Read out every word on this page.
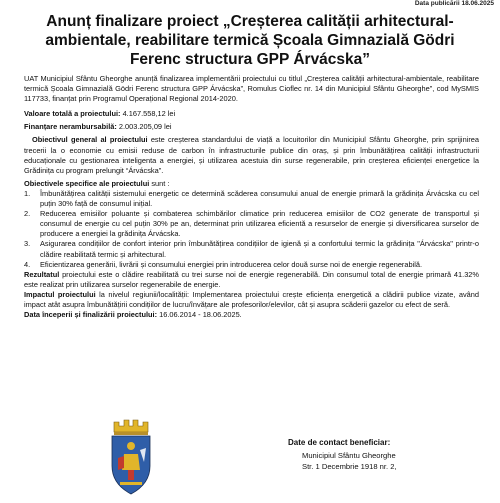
Data publicării 18.06.2025
Anunț finalizare proiect „Creșterea calității arhitectural-ambientale, reabilitare termică Școala Gimnazială Gödri Ferenc structura GPP Árvácska”

UAT Municipiul Sfântu Gheorghe anunță finalizarea implementării proiectului cu titlul „Creșterea calității arhitectural-ambientale, reabilitare termică Școala Gimnazială Gödri Ferenc structura GPP Árvácska”, Romulus Cioflec nr. 14 din Municipiul Sfântu Gheorghe”, cod MySMIS 117733, finanțat prin Programul Operațional Regional 2014-2020.

Valoare totală a proiectului: 4.167.558,12 lei

Finanțare nerambursabilă: 2.003.205,09 lei

Obiectivul general al proiectului este creșterea standardului de viață a locuitorilor din Municipiul Sfântu Gheorghe, prin sprijinirea trecerii la o economie cu emisii reduse de carbon în infrastructurile publice din oraș, și prin îmbunătățirea calității infrastructurii educaționale cu gestionarea inteligenta a energiei, și utilizarea acestuia din surse regenerabile, prin creșterea eficienței energetice la Grădinița cu program prelungit “Árvácska”.

Obiectivele specifice ale proiectului sunt :

1.	Îmbunătățirea calității sistemului energetic ce determină scăderea consumului anual de energie primară la grădinița Árvácska cu cel puțin 30% față de consumul inițial.
2.	Reducerea emisiilor poluante și combaterea schimbărilor climatice prin reducerea emisiilor de CO2 generate de transportul și consumul de energie cu cel puțin 30% pe an, determinat prin utilizarea eficientă a resurselor de energie și diversificarea surselor de producere a energiei la grădinița Árvácska.
3.	Asigurarea condițiilor de confort interior prin îmbunătățirea condițiilor de igienă și a confortului termic la grădinița "Árvácska" printr-o clădire reabilitată termic și arhitectural.
4.	Eficientizarea generării, livrării și consumului energiei prin introducerea celor două surse noi de energie regenerabilă.

Rezultatul proiectului este o clădire reabilitată cu trei surse noi de energie regenerabilă. Din consumul total de energie primară 41.32% este realizat prin utilizarea surselor regenerabile de energie.

Impactul proiectului la nivelul regiunii/localității: Implementarea proiectului crește eficiența energetică a clădirii publice vizate, având impact atât asupra îmbunătățirii condițiilor de lucru/învățare ale profesorilor/elevilor, cât și asupra scăderii gazelor cu efect de seră.

Data începerii și finalizării proiectului: 16.06.2014 - 18.06.2025.

Date de contact beneficiar:
Municipiul Sfântu Gheorghe
Str. 1 Decembrie 1918 nr. 2,
